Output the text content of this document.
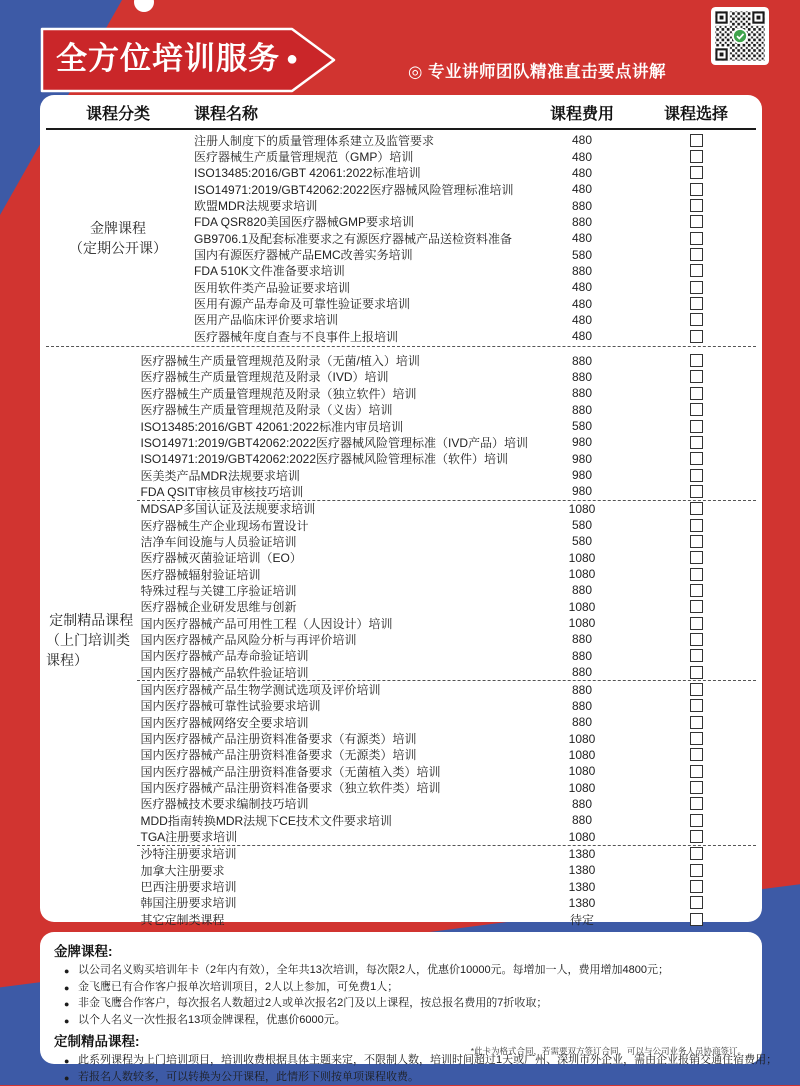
全方位培训服务 ●
◎ 专业讲师团队精准直击要点讲解
课程分类	课程名称	课程费用	课程选择
金牌课程
（定期公开课）
注册人制度下的质量管理体系建立及监管要求	480
医疗器械生产质量管理规范（GMP）培训	480
ISO13485:2016/GBT 42061:2022标准培训	480
ISO14971:2019/GBT42062:2022医疗器械风险管理标准培训	480
欧盟MDR法规要求培训	880
FDA QSR820美国医疗器械GMP要求培训	880
GB9706.1及配套标准要求之有源医疗器械产品送检资料准备	480
国内有源医疗器械产品EMC改善实务培训	580
FDA 510K文件准备要求培训	880
医用软件类产品验证要求培训	480
医用有源产品寿命及可靠性验证要求培训	480
医用产品临床评价要求培训	480
医疗器械年度自查与不良事件上报培训	480
定制精品课程
（上门培训类课程）
医疗器械生产质量管理规范及附录（无菌/植入）培训	880
医疗器械生产质量管理规范及附录（IVD）培训	880
医疗器械生产质量管理规范及附录（独立软件）培训	880
医疗器械生产质量管理规范及附录（义齿）培训	880
ISO13485:2016/GBT 42061:2022标准内审员培训	580
ISO14971:2019/GBT42062:2022医疗器械风险管理标准（IVD产品）培训	980
ISO14971:2019/GBT42062:2022医疗器械风险管理标准（软件）培训	980
医美类产品MDR法规要求培训	980
FDA QSIT审核员审核技巧培训	980
MDSAP多国认证及法规要求培训	1080
医疗器械生产企业现场布置设计	580
洁净车间设施与人员验证培训	580
医疗器械灭菌验证培训（EO）	1080
医疗器械辐射验证培训	1080
特殊过程与关键工序验证培训	880
医疗器械企业研发思维与创新	1080
国内医疗器械产品可用性工程（人因设计）培训	1080
国内医疗器械产品风险分析与再评价培训	880
国内医疗器械产品寿命验证培训	880
国内医疗器械产品软件验证培训	880
国内医疗器械产品生物学测试选项及评价培训	880
国内医疗器械可靠性试验要求培训	880
国内医疗器械网络安全要求培训	880
国内医疗器械产品注册资料准备要求（有源类）培训	1080
国内医疗器械产品注册资料准备要求（无源类）培训	1080
国内医疗器械产品注册资料准备要求（无菌植入类）培训	1080
国内医疗器械产品注册资料准备要求（独立软件类）培训	1080
医疗器械技术要求编制技巧培训	880
MDD指南转换MDR法规下CE技术文件要求培训	880
TGA注册要求培训	1080
沙特注册要求培训	1380
加拿大注册要求	1380
巴西注册要求培训	1380
韩国注册要求培训	1380
其它定制类课程	待定
金牌课程:
● 以公司名义购买培训年卡（2年内有效），全年共13次培训，每次限2人，优惠价10000元。每增加一人，费用增加4800元；
● 金飞鹰已有合作客户报单次培训项目，2人以上参加，可免费1人；
● 非金飞鹰合作客户，每次报名人数超过2人或单次报名2门及以上课程，按总报名费用的7折收取；
● 以个人名义一次性报名13项金牌课程，优惠价6000元。
定制精品课程:
● 此系列课程为上门培训项目，培训收费根据具体主题来定，不限制人数，培训时间超过1天或广州、深圳市外企业，需由企业报销交通住宿费用；
● 若报名人数较多，可以转换为公开课程，此情形下则按单项课程收费。
*此卡为格式合同，若需要双方签订合同，可以与公司业务人员协商签订。
